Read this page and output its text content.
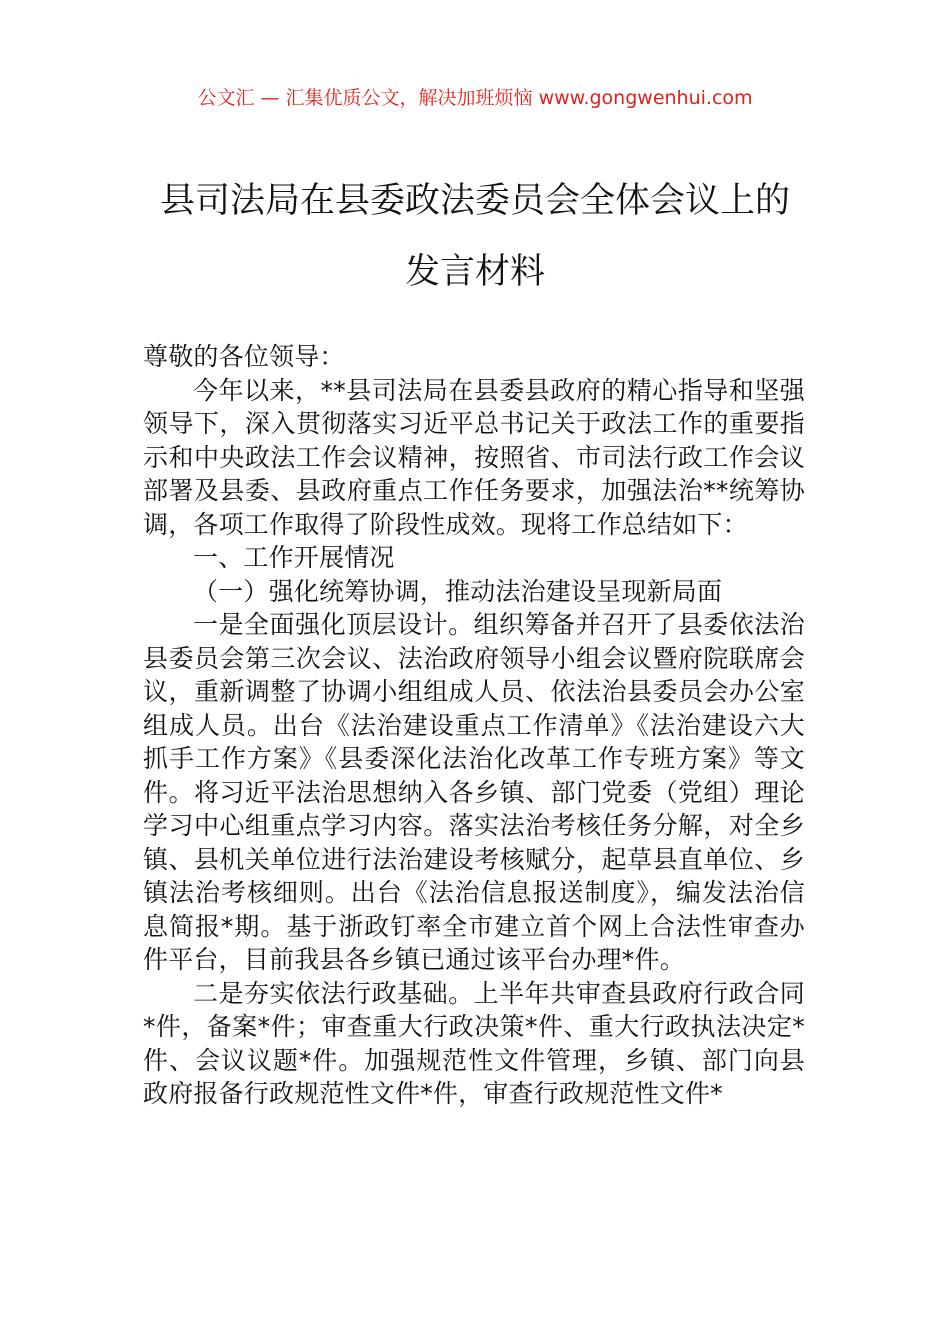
公文汇 — 汇集优质公文，解决加班烦恼 www.gongwenhui.com
县司法局在县委政法委员会全体会议上的
发言材料

尊敬的各位领导：

今年以来，**县司法局在县委县政府的精心指导和坚强领导下，深入贯彻落实习近平总书记关于政法工作的重要指示和中央政法工作会议精神，按照省、市司法行政工作会议部署及县委、县政府重点工作任务要求，加强法治**统筹协调，各项工作取得了阶段性成效。现将工作总结如下：

一、工作开展情况

（一）强化统筹协调，推动法治建设呈现新局面

一是全面强化顶层设计。组织筹备并召开了县委依法治县委员会第三次会议、法治政府领导小组会议暨府院联席会议，重新调整了协调小组组成人员、依法治县委员会办公室组成人员。出台《法治建设重点工作清单》《法治建设六大抓手工作方案》《县委深化法治化改革工作专班方案》等文件。将习近平法治思想纳入各乡镇、部门党委（党组）理论学习中心组重点学习内容。落实法治考核任务分解，对全乡镇、县机关单位进行法治建设考核赋分，起草县直单位、乡镇法治考核细则。出台《法治信息报送制度》，编发法治信息简报*期。基于浙政钉率全市建立首个网上合法性审查办件平台，目前我县各乡镇已通过该平台办理*件。

二是夯实依法行政基础。上半年共审查县政府行政合同*件，备案*件；审查重大行政决策*件、重大行政执法决定*件、会议议题*件。加强规范性文件管理，乡镇、部门向县政府报备行政规范性文件*件，审查行政规范性文件*
